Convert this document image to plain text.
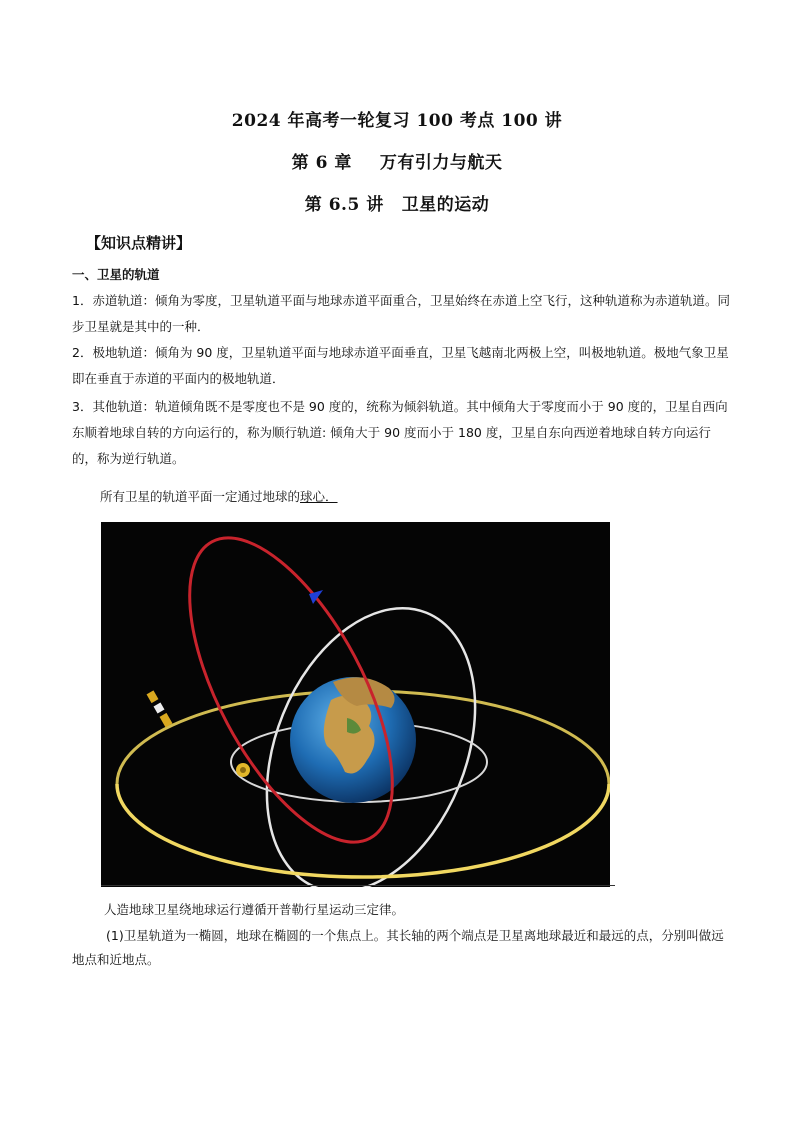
2024 年高考一轮复习 100 考点 100 讲
第 6 章 万有引力与航天
第 6.5 讲 卫星的运动
【知识点精讲】
一、卫星的轨道
1．赤道轨道：倾角为零度，卫星轨道平面与地球赤道平面重合，卫星始终在赤道上空飞行，这种轨道称为赤道轨道。同步卫星就是其中的一种．
2．极地轨道：倾角为 90 度，卫星轨道平面与地球赤道平面垂直，卫星飞越南北两极上空，叫极地轨道。极地气象卫星即在垂直于赤道的平面内的极地轨道．
3．其他轨道：轨道倾角既不是零度也不是 90 度的，统称为倾斜轨道。其中倾角大于零度而小于 90 度的，卫星自西向东顺着地球自转的方向运行的，称为顺行轨道: 倾角大于 90 度而小于 180 度，卫星自东向西逆着地球自转方向运行的，称为逆行轨道。
所有卫星的轨道平面一定通过地球的球心．
人造地球卫星绕地球运行遵循开普勒行星运动三定律。
(1)卫星轨道为一椭圆，地球在椭圆的一个焦点上。其长轴的两个端点是卫星离地球最近和最远的点，分别叫做远地点和近地点。
